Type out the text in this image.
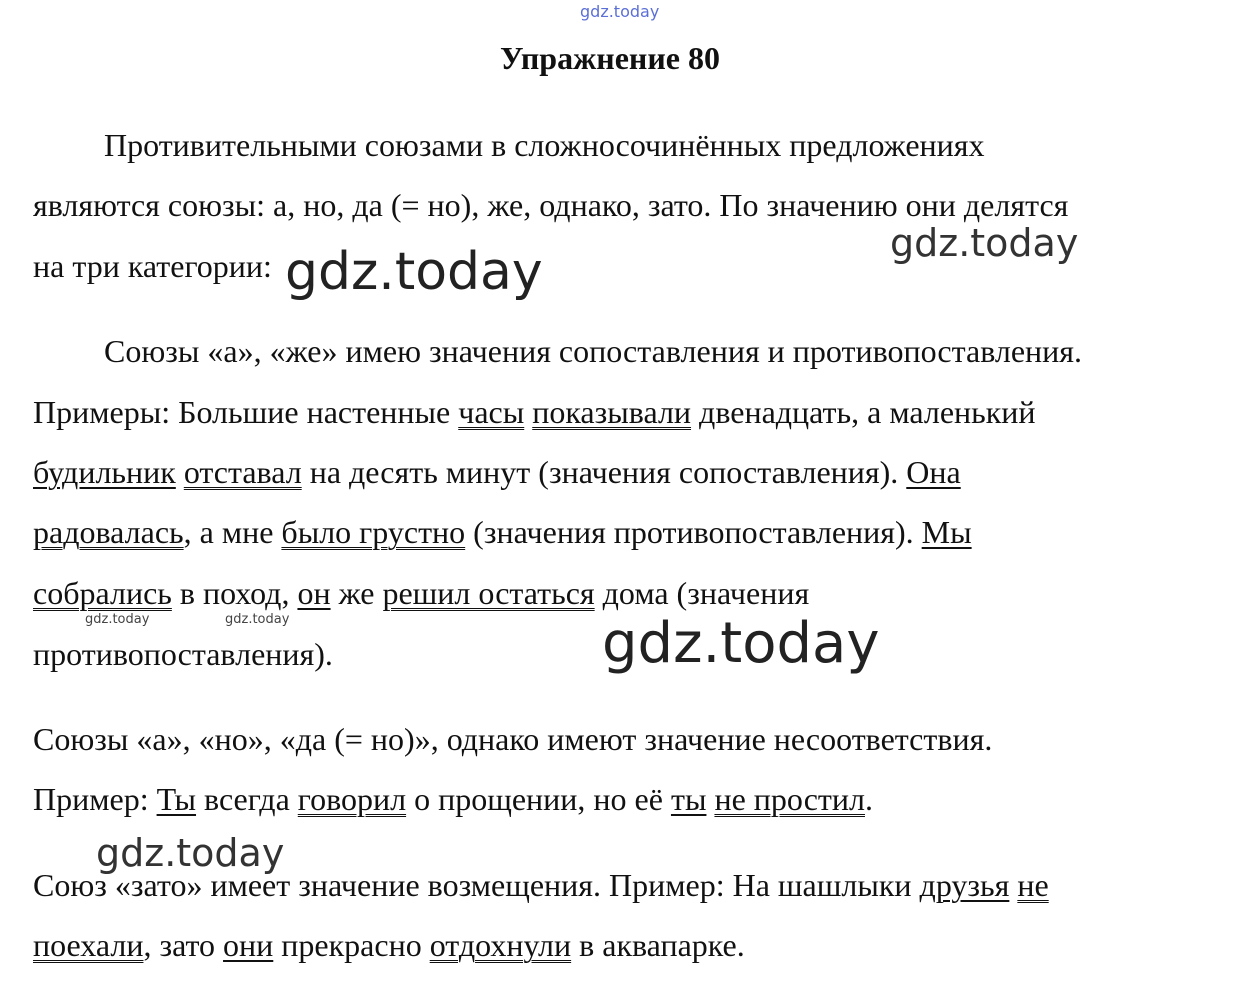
Упражнение 80
Противительными союзами в сложносочинённых предложениях
являются союзы: а, но, да (= но), же, однако, зато. По значению они делятся
на три категории:
Союзы «а», «же» имею значения сопоставления и противопоставления.
Примеры: Большие настенные часы показывали двенадцать, а маленький
будильник отставал на десять минут (значения сопоставления). Она
радовалась, а мне было грустно (значения противопоставления). Мы
собрались в поход, он же решил остаться дома (значения
противопоставления).
Союзы «а», «но», «да (= но)», однако имеют значение несоответствия.
Пример: Ты всегда говорил о прощении, но её ты не простил.
Союз «зато» имеет значение возмещения. Пример: На шашлыки друзья не
поехали, зато они прекрасно отдохнули в аквапарке.
gdz.today
gdz.today	gdz.today
gdz.today
gdz.today
gdz.today	gdz.today
